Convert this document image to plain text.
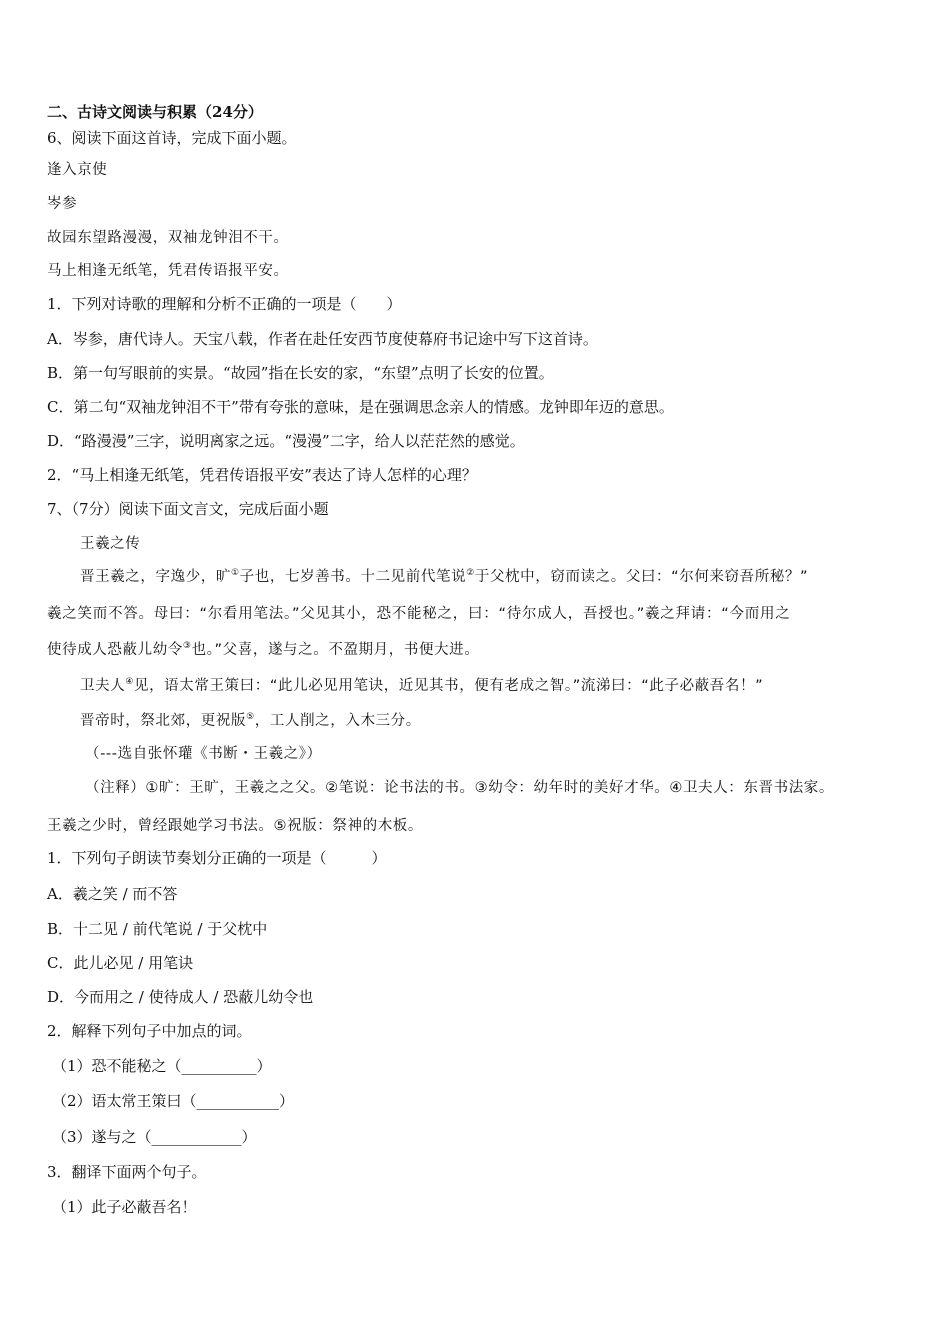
二、古诗文阅读与积累（24分）
6、阅读下面这首诗，完成下面小题。
逢入京使
岑参
故园东望路漫漫，双袖龙钟泪不干。
马上相逢无纸笔，凭君传语报平安。
1．下列对诗歌的理解和分析不正确的一项是（　　）
A．岑参，唐代诗人。天宝八载，作者在赴任安西节度使幕府书记途中写下这首诗。
B．第一句写眼前的实景。“故园”指在长安的家，“东望”点明了长安的位置。
C．第二句“双袖龙钟泪不干”带有夸张的意味，是在强调思念亲人的情感。龙钟即年迈的意思。
D．“路漫漫”三字，说明离家之远。“漫漫”二字，给人以茫茫然的感觉。
2．“马上相逢无纸笔，凭君传语报平安”表达了诗人怎样的心理？
7、（7分）阅读下面文言文，完成后面小题
王羲之传
晋王羲之，字逸少，旷①子也，七岁善书。十二见前代笔说②于父枕中，窃而读之。父曰：“尔何来窃吾所秘？”
羲之笑而不答。母曰：“尔看用笔法。”父见其小，恐不能秘之，曰：“待尔成人，吾授也。”羲之拜请：“今而用之
使待成人恐蔽儿幼令③也。”父喜，遂与之。不盈期月，书便大进。
卫夫人④见，语太常王策曰：“此儿必见用笔诀，近见其书，便有老成之智。”流涕曰：“此子必蔽吾名！”
晋帝时，祭北郊，更祝版⑤，工人削之，入木三分。
（---选自张怀瓘《书断・王羲之》）
（注释）①旷：王旷，王羲之之父。②笔说：论书法的书。③幼令：幼年时的美好才华。④卫夫人：东晋书法家。
王羲之少时，曾经跟她学习书法。⑤祝版：祭神的木板。
1．下列句子朗读节奏划分正确的一项是（　　　）
A．羲之笑 / 而不答
B．十二见 / 前代笔说 / 于父枕中
C．此儿必见 / 用笔诀
D．今而用之 / 使待成人 / 恐蔽儿幼令也
2．解释下列句子中加点的词。
（1）恐不能秘之（__________）
（2）语太常王策曰（___________）
（3）遂与之（____________）
3．翻译下面两个句子。
（1）此子必蔽吾名！
